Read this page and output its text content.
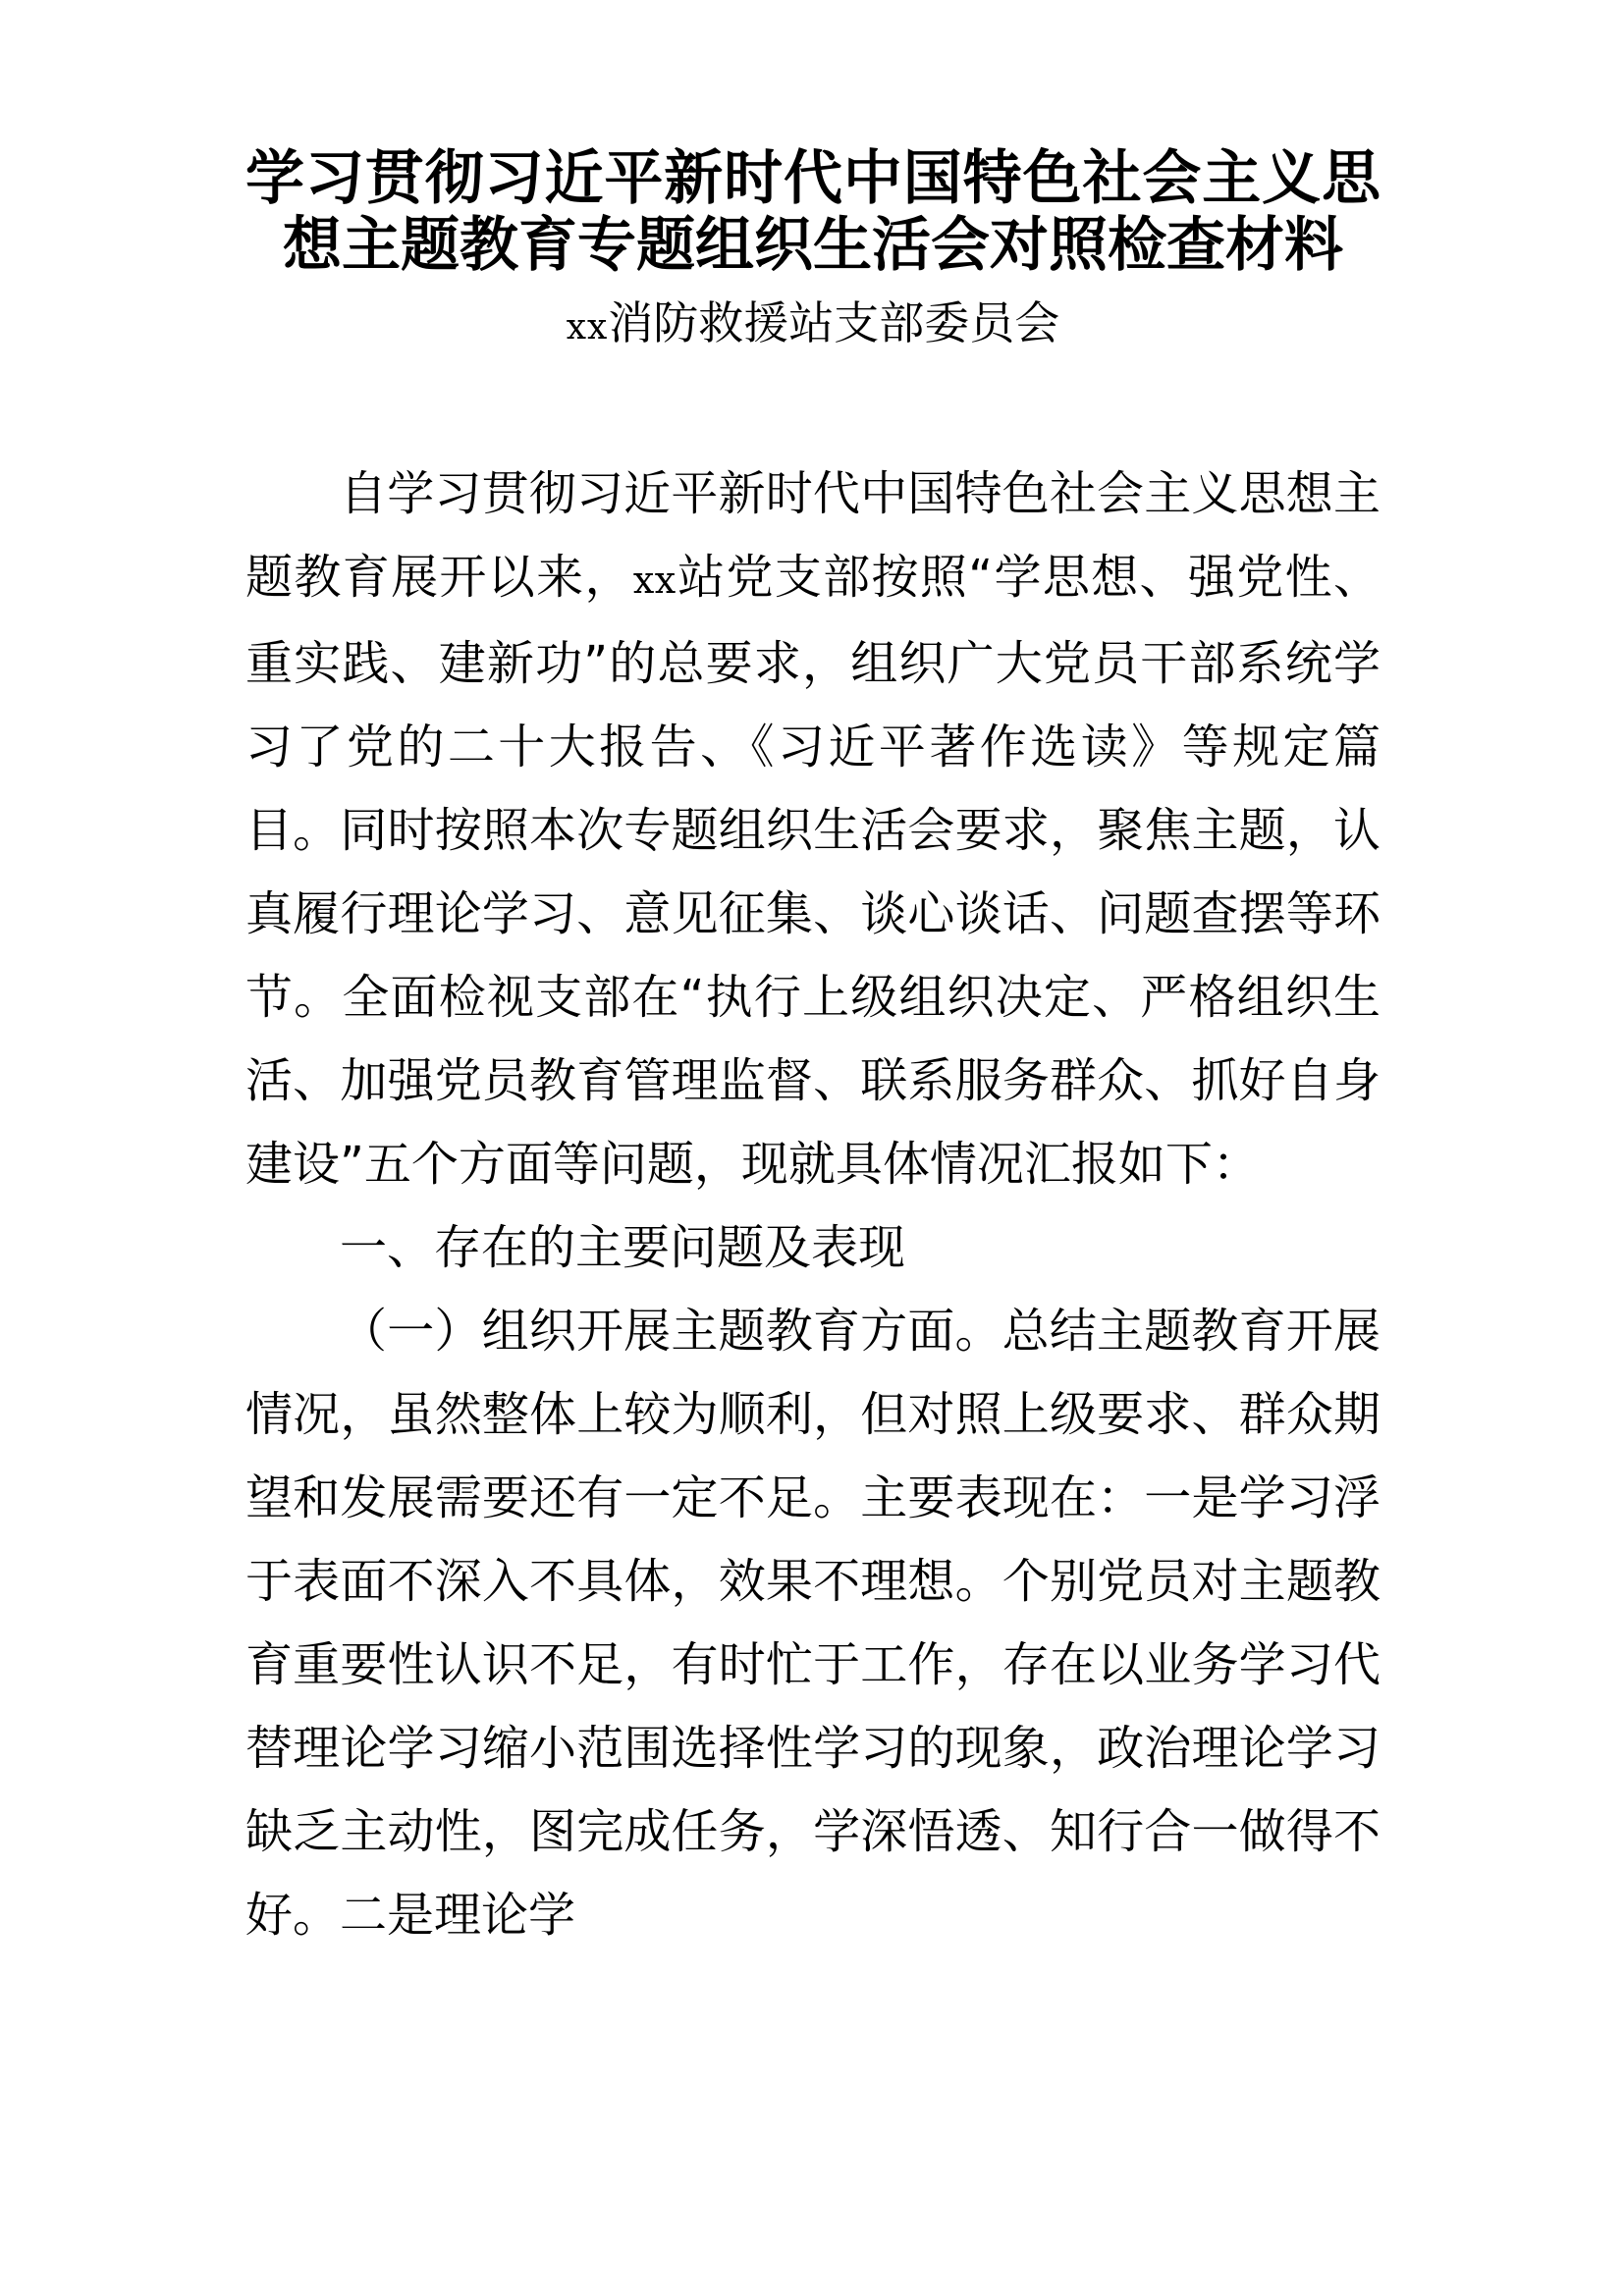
学习贯彻习近平新时代中国特色社会主义思想主题教育专题组织生活会对照检查材料
xx消防救援站支部委员会

自学习贯彻习近平新时代中国特色社会主义思想主题教育展开以来，xx站党支部按照“学思想、强党性、重实践、建新功”的总要求，组织广大党员干部系统学习了党的二十大报告、《习近平著作选读》等规定篇目。同时按照本次专题组织生活会要求，聚焦主题，认真履行理论学习、意见征集、谈心谈话、问题查摆等环节。全面检视支部在“执行上级组织决定、严格组织生活、加强党员教育管理监督、联系服务群众、抓好自身建设”五个方面等问题，现就具体情况汇报如下：

一、存在的主要问题及表现

（一）组织开展主题教育方面。总结主题教育开展情况，虽然整体上较为顺利，但对照上级要求、群众期望和发展需要还有一定不足。主要表现在：一是学习浮于表面不深入不具体，效果不理想。个别党员对主题教育重要性认识不足，有时忙于工作，存在以业务学习代替理论学习缩小范围选择性学习的现象，政治理论学习缺乏主动性，图完成任务，学深悟透、知行合一做得不好。二是理论学
